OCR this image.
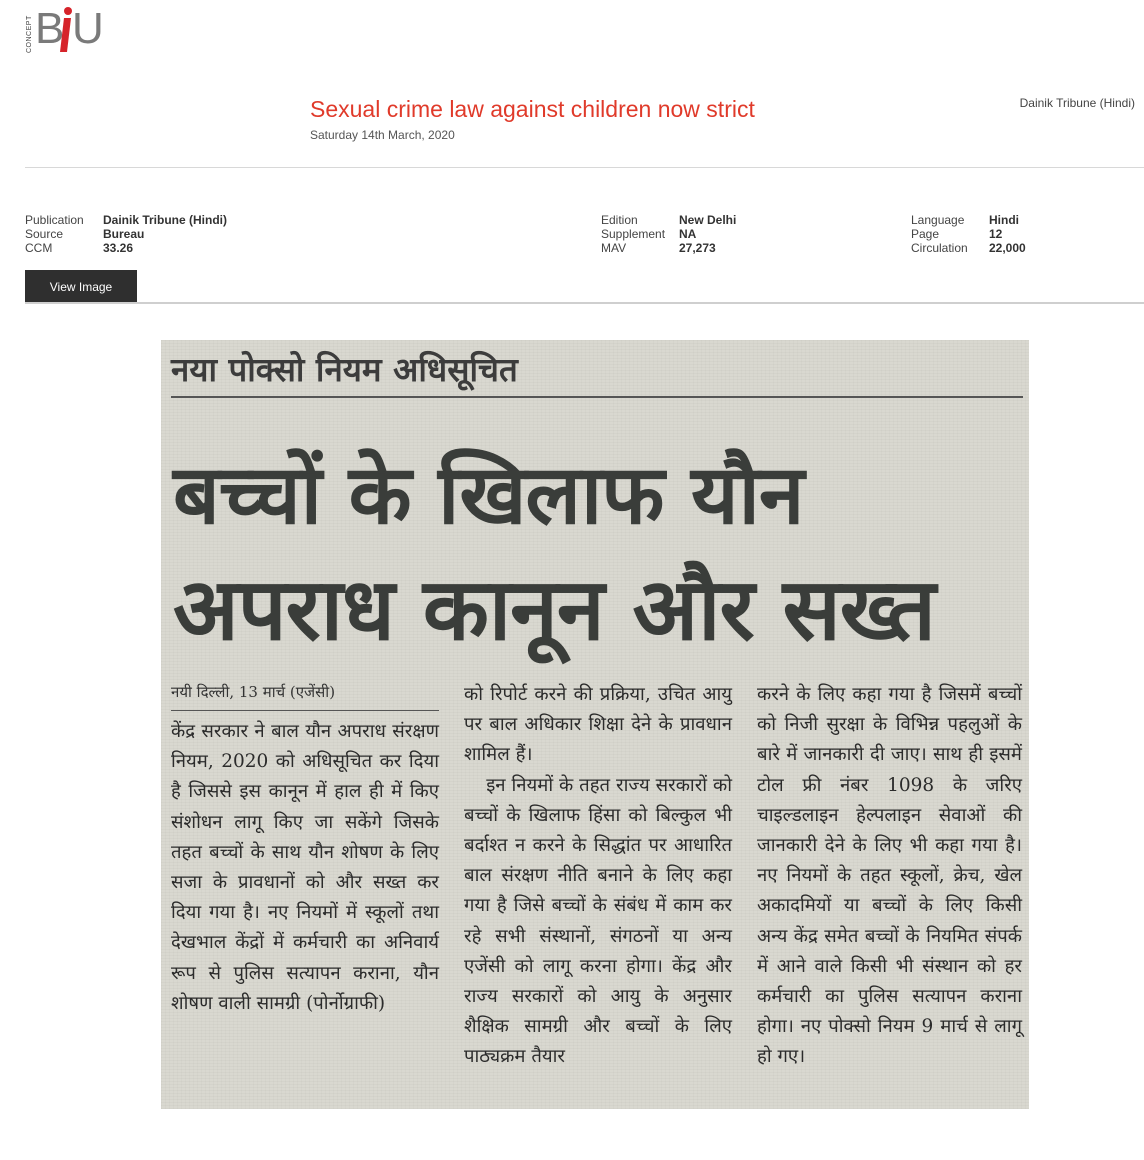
CONCEPT B U
Sexual crime law against children now strict
Saturday 14th March, 2020
Dainik Tribune (Hindi)
Publication	Dainik Tribune (Hindi)
Source	Bureau
CCM	33.26
Edition	New Delhi
Supplement	NA
MAV	27,273
Language	Hindi
Page	12
Circulation	22,000
View Image
नया पोक्सो नियम अधिसूचित
बच्चों के खिलाफ यौन
अपराध कानून और सख्त
नयी दिल्ली, 13 मार्च (एजेंसी)

केंद्र सरकार ने बाल यौन अपराध संरक्षण नियम, 2020 को अधिसूचित कर दिया है जिससे इस कानून में हाल ही में किए संशोधन लागू किए जा सकेंगे जिसके तहत बच्चों के साथ यौन शोषण के लिए सजा के प्रावधानों को और सख्त कर दिया गया है। नए नियमों में स्कूलों तथा देखभाल केंद्रों में कर्मचारी का अनिवार्य रूप से पुलिस सत्यापन कराना, यौन शोषण वाली सामग्री (पोर्नोग्राफी)

को रिपोर्ट करने की प्रक्रिया, उचित आयु पर बाल अधिकार शिक्षा देने के प्रावधान शामिल हैं।

इन नियमों के तहत राज्य सरकारों को बच्चों के खिलाफ हिंसा को बिल्कुल भी बर्दाश्त न करने के सिद्धांत पर आधारित बाल संरक्षण नीति बनाने के लिए कहा गया है जिसे बच्चों के संबंध में काम कर रहे सभी संस्थानों, संगठनों या अन्य एजेंसी को लागू करना होगा। केंद्र और राज्य सरकारों को आयु के अनुसार शैक्षिक सामग्री और बच्चों के लिए पाठ्यक्रम तैयार

करने के लिए कहा गया है जिसमें बच्चों को निजी सुरक्षा के विभिन्न पहलुओं के बारे में जानकारी दी जाए। साथ ही इसमें टोल फ्री नंबर 1098 के जरिए चाइल्डलाइन हेल्पलाइन सेवाओं की जानकारी देने के लिए भी कहा गया है। नए नियमों के तहत स्कूलों, क्रेच, खेल अकादमियों या बच्चों के लिए किसी अन्य केंद्र समेत बच्चों के नियमित संपर्क में आने वाले किसी भी संस्थान को हर कर्मचारी का पुलिस सत्यापन कराना होगा। नए पोक्सो नियम 9 मार्च से लागू हो गए।
